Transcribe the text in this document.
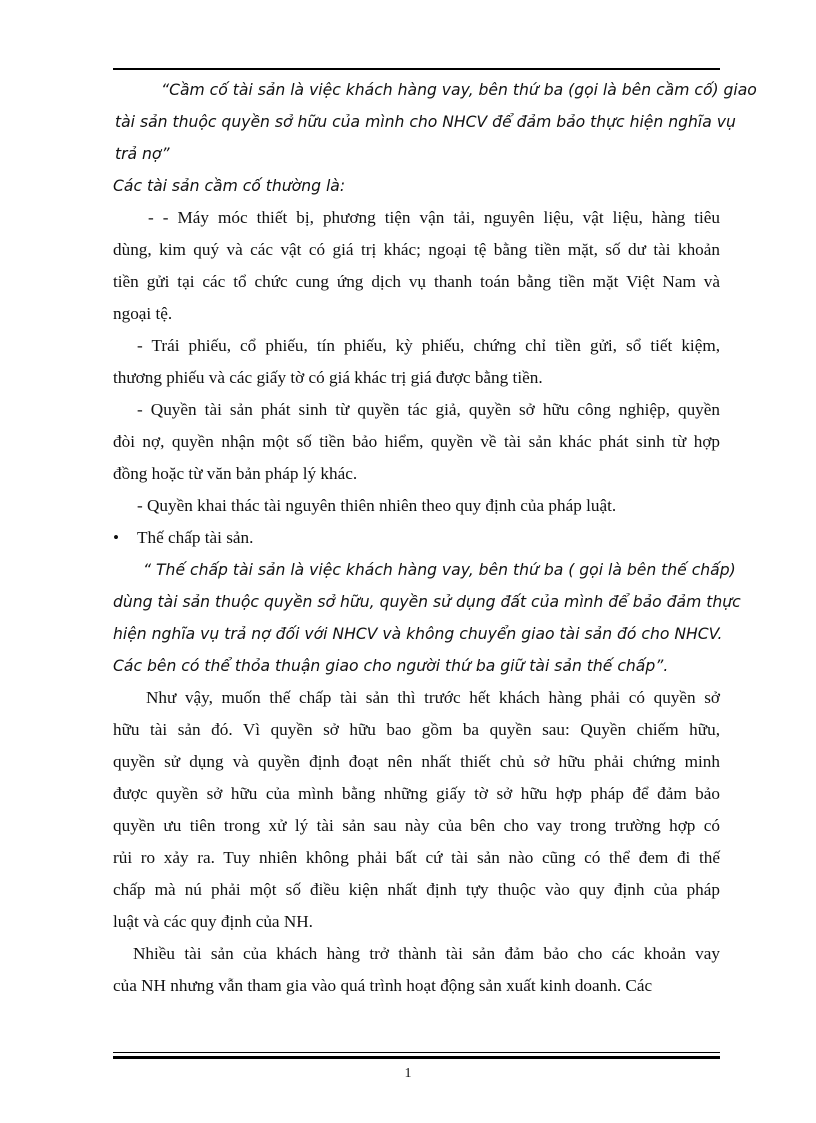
“Cầm cố tài sản là việc khách hàng vay, bên thứ ba (gọi là bên cầm cố) giao
tài sản thuộc quyền sở hữu của mình cho NHCV để đảm bảo thực hiện nghĩa vụ
trả nợ”
Các tài sản cầm cố thường là:
- - Máy móc thiết bị, phương tiện vận tải, nguyên liệu, vật liệu, hàng tiêu
dùng, kim quý và các vật có giá trị khác; ngoại tệ bằng tiền mặt, số dư tài khoản
tiền gửi tại các tổ chức cung ứng dịch vụ thanh toán bằng tiền mặt Việt Nam và
ngoại tệ.
- Trái phiếu, cổ phiếu, tín phiếu, kỳ phiếu, chứng chỉ tiền gửi, sổ tiết kiệm,
thương phiếu và các giấy tờ có giá khác trị giá được bằng tiền.
- Quyền tài sản phát sinh từ quyền tác giả, quyền sở hữu công nghiệp, quyền
đòi nợ, quyền nhận một số tiền bảo hiểm, quyền về tài sản khác phát sinh từ hợp
đồng hoặc từ văn bản pháp lý khác.
- Quyền khai thác tài nguyên thiên nhiên theo quy định của pháp luật.
• Thế chấp tài sản.
“ Thế chấp tài sản là việc khách hàng vay, bên thứ ba ( gọi là bên thế chấp)
dùng tài sản thuộc quyền sở hữu, quyền sử dụng đất của mình để bảo đảm thực
hiện nghĩa vụ trả nợ đối với NHCV và không chuyển giao tài sản đó cho NHCV.
Các bên có thể thỏa thuận giao cho người thứ ba giữ tài sản thế chấp”.
Như vậy, muốn thế chấp tài sản thì trước hết khách hàng phải có quyền sở
hữu tài sản đó. Vì quyền sở hữu bao gồm ba quyền sau: Quyền chiếm hữu,
quyền sử dụng và quyền định đoạt nên nhất thiết chủ sở hữu phải chứng minh
được quyền sở hữu của mình bằng những giấy tờ sở hữu hợp pháp để đảm bảo
quyền ưu tiên trong xử lý tài sản sau này của bên cho vay trong trường hợp có
rủi ro xảy ra. Tuy nhiên không phải bất cứ tài sản nào cũng có thể đem đi thế
chấp mà nú phải một số điều kiện nhất định tựy thuộc vào quy định của pháp
luật và các quy định của NH.
Nhiều tài sản của khách hàng trở thành tài sản đảm bảo cho các khoản vay
của NH nhưng vẫn tham gia vào quá trình hoạt động sản xuất kinh doanh. Các
1
